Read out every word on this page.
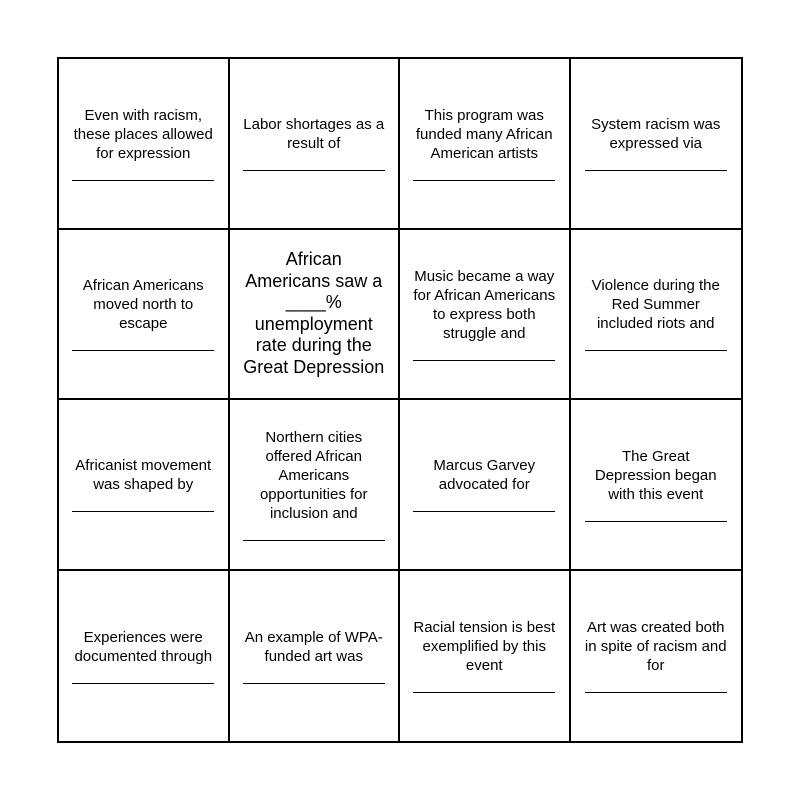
Even with racism, these places allowed for expression
Labor shortages as a result of
This program was funded many African American artists
System racism was expressed via
African Americans moved north to escape
African Americans saw a ____% unemployment rate during the Great Depression
Music became a way for African Americans to express both struggle and
Violence during the Red Summer included riots and
Africanist movement was shaped by
Northern cities offered African Americans opportunities for inclusion and
Marcus Garvey advocated for
The Great Depression began with this event
Experiences were documented through
An example of WPA-funded art was
Racial tension is best exemplified by this event
Art was created both in spite of racism and for
